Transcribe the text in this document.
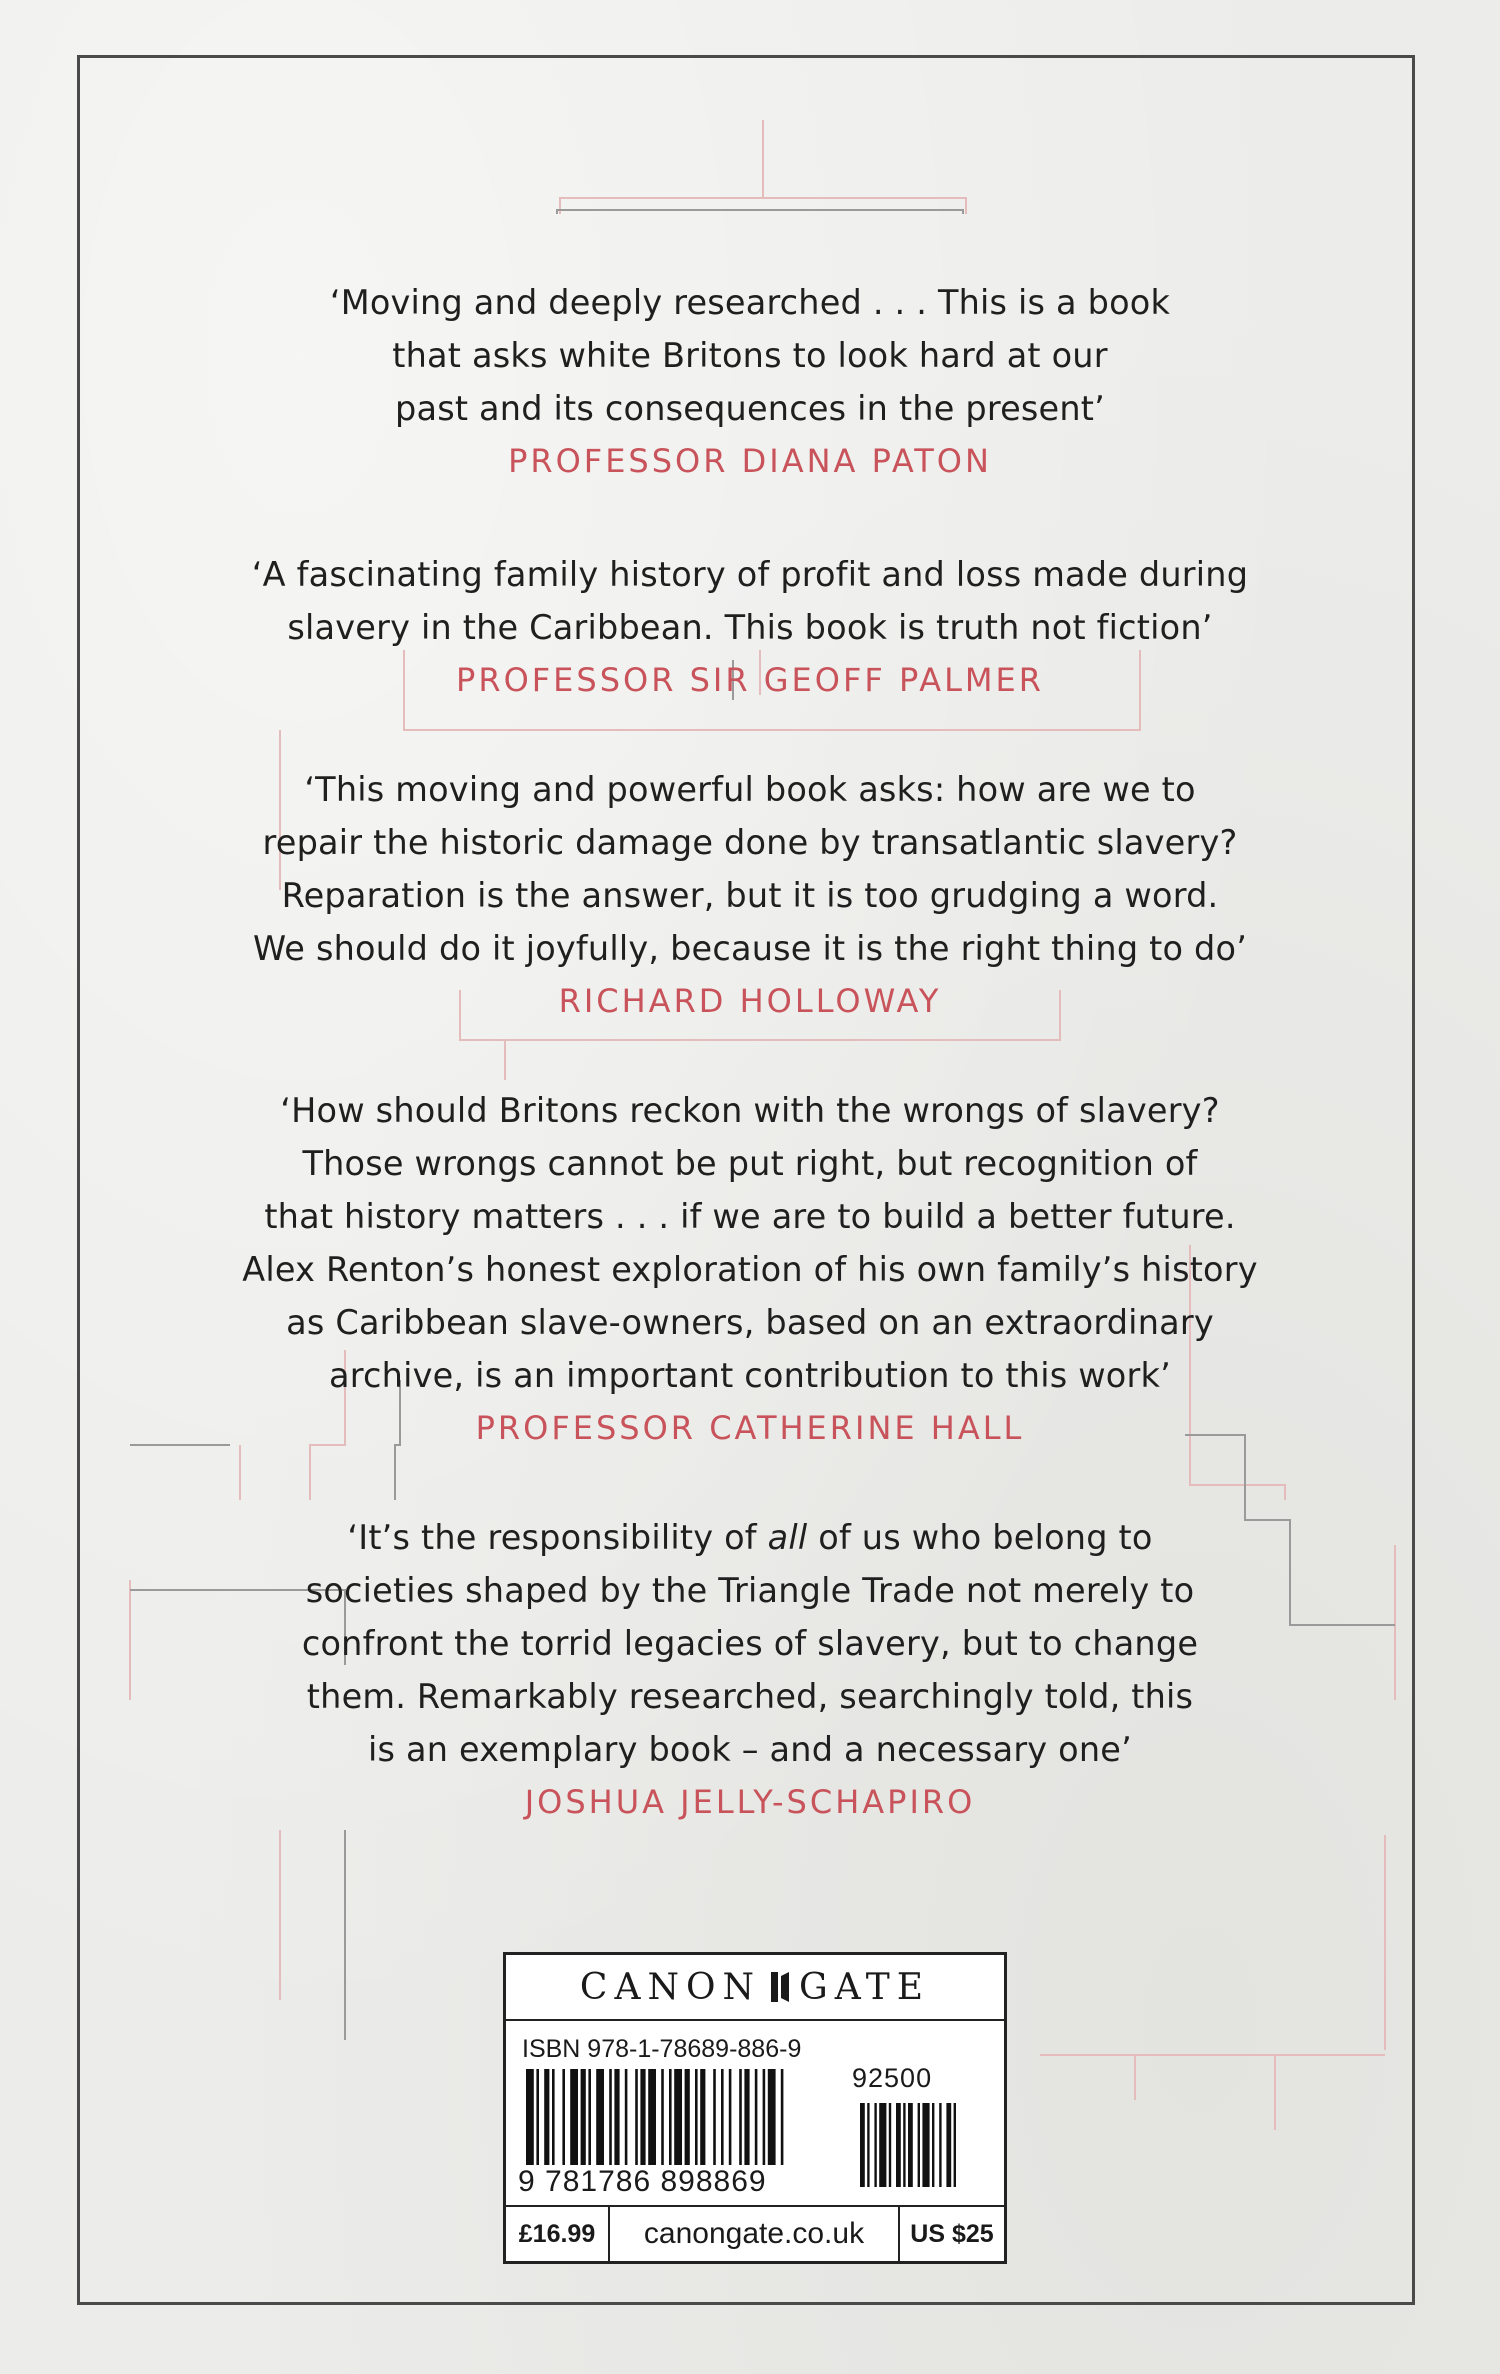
‘Moving and deeply researched . . . This is a book
that asks white Britons to look hard at our
past and its consequences in the present’

PROFESSOR DIANA PATON

‘A fascinating family history of profit and loss made during
slavery in the Caribbean. This book is truth not fiction’

PROFESSOR SIR GEOFF PALMER

‘This moving and powerful book asks: how are we to
repair the historic damage done by transatlantic slavery?
Reparation is the answer, but it is too grudging a word.
We should do it joyfully, because it is the right thing to do’

RICHARD HOLLOWAY

‘How should Britons reckon with the wrongs of slavery?
Those wrongs cannot be put right, but recognition of
that history matters . . . if we are to build a better future.
Alex Renton’s honest exploration of his own family’s history
as Caribbean slave-owners, based on an extraordinary
archive, is an important contribution to this work’

PROFESSOR CATHERINE HALL

‘It’s the responsibility of all of us who belong to
societies shaped by the Triangle Trade not merely to
confront the torrid legacies of slavery, but to change
them. Remarkably researched, searchingly told, this
is an exemplary book – and a necessary one’

JOSHUA JELLY-SCHAPIRO

CANON GATE
ISBN 978-1-78689-886-9
92500
9 781786 898869
£16.99	canongate.co.uk	US $25
